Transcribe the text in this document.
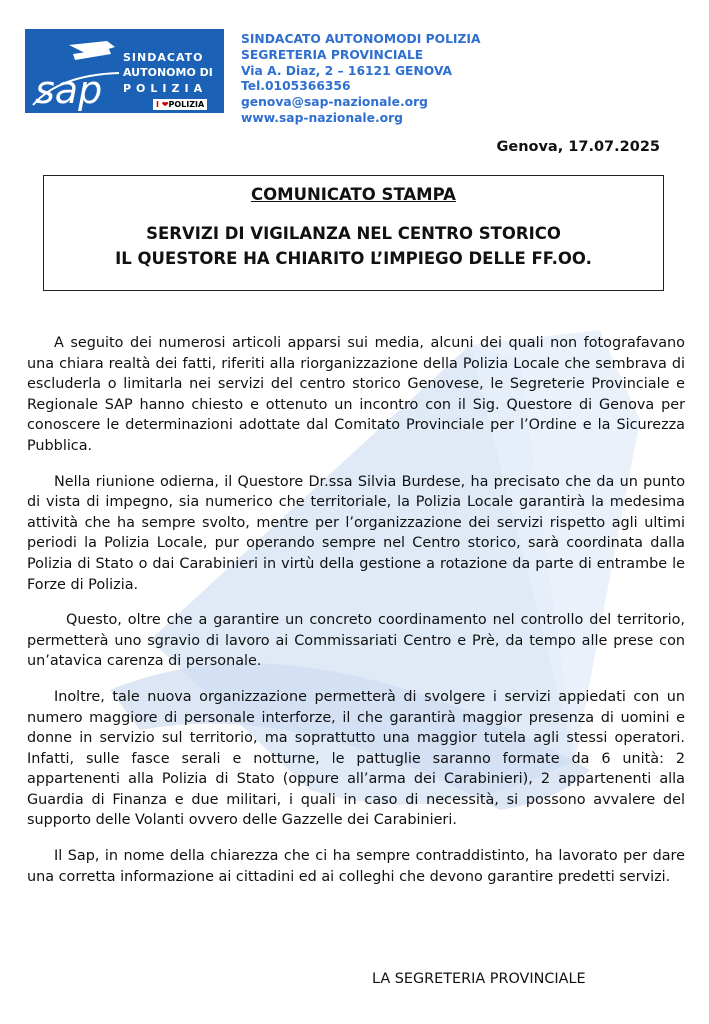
sap
SINDACATO
AUTONOMO DI
POLIZIA
I ❤POLIZIA
SINDACATO AUTONOMODI POLIZIA
SEGRETERIA PROVINCIALE
Via A. Diaz, 2 – 16121 GENOVA
Tel.0105366356
genova@sap-nazionale.org
www.sap-nazionale.org
Genova, 17.07.2025
COMUNICATO STAMPA
SERVIZI DI VIGILANZA NEL CENTRO STORICO
IL QUESTORE HA CHIARITO L’IMPIEGO DELLE FF.OO.

A seguito dei numerosi articoli apparsi sui media, alcuni dei quali non fotografavano una chiara realtà dei fatti, riferiti alla riorganizzazione della Polizia Locale che sembrava di escluderla o limitarla nei servizi del centro storico Genovese, le Segreterie Provinciale e Regionale SAP hanno chiesto e ottenuto un incontro con il Sig. Questore di Genova per conoscere le determinazioni adottate dal Comitato Provinciale per l’Ordine e la Sicurezza Pubblica.

Nella riunione odierna, il Questore Dr.ssa Silvia Burdese, ha precisato che da un punto di vista di impegno, sia numerico che territoriale, la Polizia Locale garantirà la medesima attività che ha sempre svolto, mentre per l’organizzazione dei servizi rispetto agli ultimi periodi la Polizia Locale, pur operando sempre nel Centro storico, sarà coordinata dalla Polizia di Stato o dai Carabinieri in virtù della gestione a rotazione da parte di entrambe le Forze di Polizia.

Questo, oltre che a garantire un concreto coordinamento nel controllo del territorio, permetterà uno sgravio di lavoro ai Commissariati Centro e Prè, da tempo alle prese con un’atavica carenza di personale.

Inoltre, tale nuova organizzazione permetterà di svolgere i servizi appiedati con un numero maggiore di personale interforze, il che garantirà maggior presenza di uomini e donne in servizio sul territorio, ma soprattutto una maggior tutela agli stessi operatori. Infatti, sulle fasce serali e notturne, le pattuglie saranno formate da 6 unità: 2 appartenenti alla Polizia di Stato (oppure all’arma dei Carabinieri), 2 appartenenti alla Guardia di Finanza e due militari, i quali in caso di necessità, si possono avvalere del supporto delle Volanti ovvero delle Gazzelle dei Carabinieri.

Il Sap, in nome della chiarezza che ci ha sempre contraddistinto, ha lavorato per dare una corretta informazione ai cittadini ed ai colleghi che devono garantire predetti servizi.

LA SEGRETERIA PROVINCIALE
